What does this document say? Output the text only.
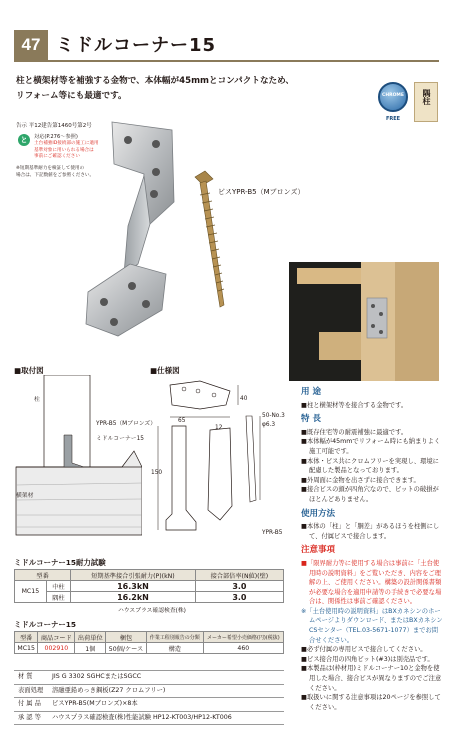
47 ミドルコーナー15
柱と横架材等を補強する金物で、本体幅が45mmとコンパクトなため、
リフォーム等にも最適です。	CHROME
FREE
隅柱
告示 平12建告第1460号第2号
と	対応(P.276～参照)
土台補強ID接続部の施工に適用
基準対象に用いられる場合は
事前にご確認ください
※短期基準耐力を検証して使用の
場合は、下記数値をご参照ください。
ビスYPR-B5（Mブロンズ）
■取付図	■仕様図
柱
横架材
YPR-B5（Mブロンズ）
ミドルコーナー15
65
40
12
150
φ6.3
50-No.3
YPR-B5
用 途
■柱と横架材等を接合する金物です。
特 長
■既存住宅等の耐震補強に最適です。
■本体幅が45mmでリフォーム時にも納まりよく施工可能です。
■本体・ビス共にクロムフリーを実現し、環境に配慮した製品となっております。
■外周面に金物を出さずに接合できます。
■接合ビスの頭が四角穴なので、ビットの破損がほとんどありません。
使用方法
■本体の「柱」と「胴差」があるほうを柱側にして、付属ビスで接合します。
注意事項
■「限界耐力等に使用する場合は事前に「土台使用時の説明資料」をご覧いただき、内容をご理解の上、ご使用ください。構築の設計関係書類が必要な場合を適用申請等の手続きで必要な場合は、関係性は事前ご確認ください。
※「土台使用時の説明資料」はBXカネシンのホームページよりダウンロード、またはBXカネシンCSセンター（TEL.03-5671-1077）までお問合せください。
■必ず付属の専用ビスで接合してください。
■ビス接合用の四角ビット(#3)は別売品です。
■本製品は(枠材用)ミドルコーナー10と金物を使用した場合、接合ビスが異なりますのでご注意ください。
■取扱いに関する注意事項は20ページを参照してください。
ミドルコーナー15耐力試験
型番		短期基準接合引張耐力(P)(kN)	接合部倍率(N値)(壁)
MC15	中柱	16.3kN	3.0
	隅柱	16.2kN	3.0
ハウスプラス確認検査(株)
ミドルコーナー15
型番	商品コード	出荷単位	梱包	作業工程別報告の分類	メーカー希望小売価格(円)(税抜)
MC15	002910	1個	50個/ケース	構造	460
材 質	JIS G 3302 SGHCまたはSGCC
表面処理	溶融亜鉛めっき鋼板(Z27 クロムフリー)
付 属 品	ビスYPR-B5(Mブロンズ)×8本
承 認 等	ハウスプラス確認検査(株)性能試験 HP12-KT003/HP12-KT006
